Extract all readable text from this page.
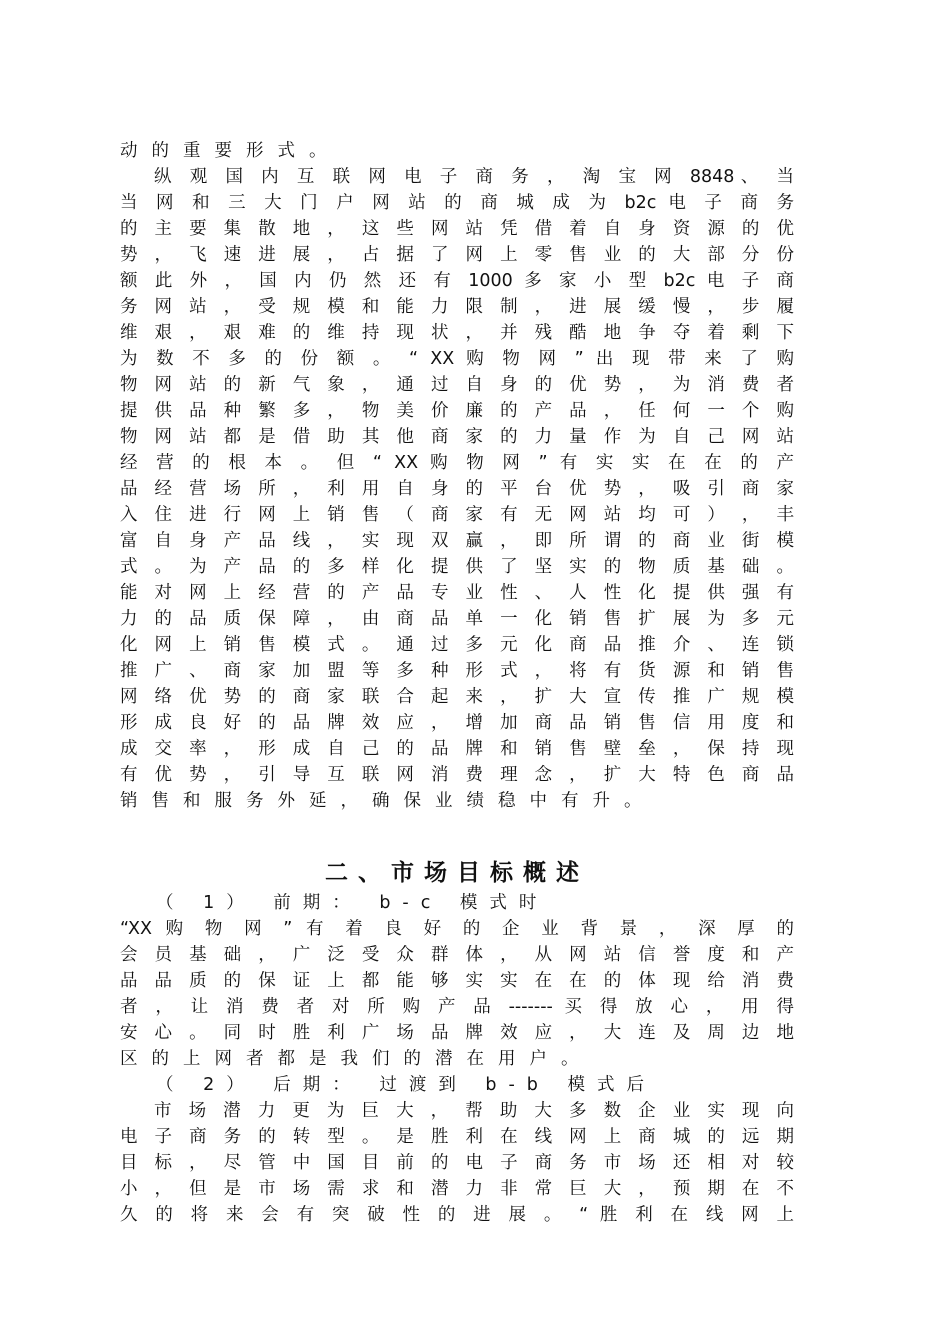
动的重要形式。
纵 观 国 内 互 联 网 电 子 商 务 ， 淘 宝 网 8848、 当
当 网 和 三 大 门 户 网 站 的 商 城 成 为 b2c 电 子 商 务
的 主 要 集 散 地 ， 这 些 网 站 凭 借 着 自 身 资 源 的 优
势 ， 飞 速 进 展 ， 占 据 了 网 上 零 售 业 的 大 部 分 份
额 此 外 ， 国 内 仍 然 还 有 1000 多 家 小 型 b2c 电 子 商
务 网 站 ， 受 规 模 和 能 力 限 制 ， 进 展 缓 慢 ， 步 履
维 艰 ， 艰 难 的 维 持 现 状 ， 并 残 酷 地 争 夺 着 剩 下
为 数 不 多 的 份 额 。 “ XX 购 物 网 ” 出 现 带 来 了 购
物 网 站 的 新 气 象 ， 通 过 自 身 的 优 势 ， 为 消 费 者
提 供 品 种 繁 多 ， 物 美 价 廉 的 产 品 ， 任 何 一 个 购
物 网 站 都 是 借 助 其 他 商 家 的 力 量 作 为 自 己 网 站
经 营 的 根 本 。 但 “ XX 购 物 网 ” 有 实 实 在 在 的 产
品 经 营 场 所 ， 利 用 自 身 的 平 台 优 势 ， 吸 引 商 家
入 住 进 行 网 上 销 售 （ 商 家 有 无 网 站 均 可 ） ， 丰
富 自 身 产 品 线 ， 实 现 双 赢 ， 即 所 谓 的 商 业 街 模
式 。 为 产 品 的 多 样 化 提 供 了 坚 实 的 物 质 基 础 。
能 对 网 上 经 营 的 产 品 专 业 性 、 人 性 化 提 供 强 有
力 的 品 质 保 障 ， 由 商 品 单 一 化 销 售 扩 展 为 多 元
化 网 上 销 售 模 式 。 通 过 多 元 化 商 品 推 介 、 连 锁
推 广 、 商 家 加 盟 等 多 种 形 式 ， 将 有 货 源 和 销 售
网 络 优 势 的 商 家 联 合 起 来 ， 扩 大 宣 传 推 广 规 模
形 成 良 好 的 品 牌 效 应 ， 增 加 商 品 销 售 信 用 度 和
成 交 率 ， 形 成 自 己 的 品 牌 和 销 售 壁 垒 ， 保 持 现
有 优 势 ， 引 导 互 联 网 消 费 理 念 ， 扩 大 特 色 商 品
销售和服务外延，确保业绩稳中有升。
二、市场目标概述
（ 1） 前期： b-c 模式时
“XX 购 物 网 ” 有 着 良 好 的 企 业 背 景 ， 深 厚 的
会 员 基 础 ， 广 泛 受 众 群 体 ， 从 网 站 信 誉 度 和 产
品 品 质 的 保 证 上 都 能 够 实 实 在 在 的 体 现 给 消 费
者 ， 让 消 费 者 对 所 购 产 品 ------- 买 得 放 心 ， 用 得
安 心 。 同 时 胜 利 广 场 品 牌 效 应 ， 大 连 及 周 边 地
区的上网者都是我们的潜在用户。
（ 2） 后期： 过渡到 b-b 模式后
市 场 潜 力 更 为 巨 大 ， 帮 助 大 多 数 企 业 实 现 向
电 子 商 务 的 转 型 。 是 胜 利 在 线 网 上 商 城 的 远 期
目 标 ， 尽 管 中 国 目 前 的 电 子 商 务 市 场 还 相 对 较
小 ， 但 是 市 场 需 求 和 潜 力 非 常 巨 大 ， 预 期 在 不
久 的 将 来 会 有 突 破 性 的 进 展 。 “ 胜 利 在 线 网 上
